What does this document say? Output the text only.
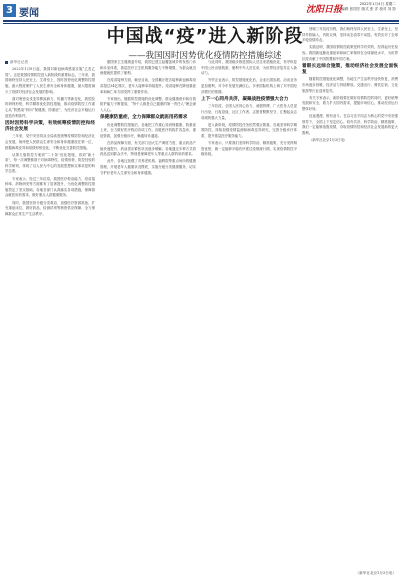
3 要闻	沈阳日报
2022年1月4日 星期二
编辑 张国宏 版式 张 洋 校对 刘 影
中国战“疫”进入新阶段
——我国因时因势优化疫情防控措施综述

新华社记者

2022年1月8日起，我国对新冠病毒感染实施“乙类乙管”。这是我国疫情防控进入新阶段的重要标志。三年来，我国始终坚持人民至上、生命至上，因时因势优化调整防控措施，最大程度保护了人民生命安全和身体健康，最大限度减少了疫情对经济社会发展的影响。

面对奥密克戎变异株致病力、传播力等新变化，我国及时研判形势，科学精准优化防控措施，推动疫情防控工作重心从“防感染”转向“保健康、防重症”，为经济社会平稳运行创造有利条件。

因时因势科学决策，有效统筹疫情防控和经济社会发展

三年来，党中央坚持从全局高度统筹疫情防控和经济社会发展，始终把人民群众生命安全和身体健康放在第一位，根据病毒变异和疫情形势变化，不断优化完善防控措施。

从第九版防控方案到“二十条”优化措施，再到“新十条”，每一次调整都基于对病毒特性、疫情形势、防控经验的科学研判，体现了以人民为中心的发展思想和实事求是的科学态度。

专家表示，经过三年抗疫，我国医疗救治能力、疫苗接种率、药物研发等方面都有了显著提升，为优化调整防控措施奠定了坚实基础。各地各部门认真落实各项措施，保障群众就医用药需求，做好重点人群健康服务。

同时，我国坚持分级分类救治，加强医疗资源准备，扩充重症床位，做好药品、检测试剂等物资供应保障，全力保障群众正常生产生活秩序。

据国家卫生健康委介绍，我国已建立起覆盖城乡的发热门诊和诊室体系，基层医疗卫生机构服务能力不断增强，为群众就近就便就医提供了便利。

在疫苗接种方面，截至目前，全国累计报告接种新冠病毒疫苗超过34亿剂次，老年人接种率持续提升。疫苗接种在降低重症率和病亡率方面发挥了重要作用。

专家指出，随着防控措施的优化调整，群众健康意识和自我防护能力不断提高，“每个人都是自己健康的第一责任人”理念深入人心。

保健康防重症，全力保障群众就医用药需求

优化调整防控措施后，各地把工作重心转到保健康、防重症上来，全力做好医疗救治各项工作。各级医疗机构扩容急诊、重症资源，加强分级诊疗，畅通转诊通道。

在药品保障方面，有关部门加大生产调度力度，重点药品产能快速提升，药品供应紧张状况逐步缓解。各地通过多种方式将药品送到群众手中，特别是保障老年人等重点人群的用药需求。

此外，各地还加强了对养老机构、福利院等重点场所的健康管理，开展老年人健康状况摸底，实施分级分类健康服务，切实守护好老年人生命安全和身体健康。

与此同时，我国稳步推进国际人员往来措施优化，有序恢复中国公民出境旅游，便利中外人员往来，为世界经济复苏注入新动力。

外贸企业表示，防控措施优化后，企业出国参展、洽谈业务更加便利，对今年发展充满信心。多家国际机构上调了对中国经济增长的预期。

上下一心同舟共济，凝聚战胜疫情强大合力

三年抗疫，全国人民同心协力、顽强拼搏，广大医务人员逆行出征、日夜奋战，社区工作者、志愿者默默坚守，汇聚起众志成城的强大力量。

进入新阶段，疫情防控任务依然艰巨繁重。各地坚持科学精准防控，持续加强疫情监测和病毒变异研究，完善分级诊疗体系，提升基层医疗服务能力。

专家表示，只要我们坚持科学防治、精准施策，充分发挥制度优势，就一定能够平稳有序度过疫情流行期，实现疫情防控平稳转段。

回顾三年抗疫历程，我们始终坚持人民至上、生命至上，坚持外防输入、内防反弹，坚持动态清零不动摇，有效应对了全球多轮疫情冲击。

实践证明，我国疫情防控政策是科学有效的，经得起历史检验。我国新冠肺炎重症率和病亡率保持在全球最低水平，为世界抗疫贡献了中国智慧和中国方案。

着眼长远综合施策，推动经济社会发展全面恢复

随着防控措施优化调整，各地生产生活秩序加快恢复，消费市场逐步回暖，经济活力持续释放。交通出行、餐饮住宿、文化旅游等行业迎来复苏。

有关专家表示，新阶段要在做好疫情防控的同时，更好统筹发展和安全，着力扩大国内需求，提振市场信心，推动经济运行整体好转。

征途漫漫，惟有奋斗。在以习近平同志为核心的党中央坚强领导下，全国上下坚定信心、同舟共济、科学防治、精准施策，我们一定能够战胜疫情，夺取疫情防控和经济社会发展新的更大胜利。

（新华社北京1月3日电）

（新华社北京1月3日电）
